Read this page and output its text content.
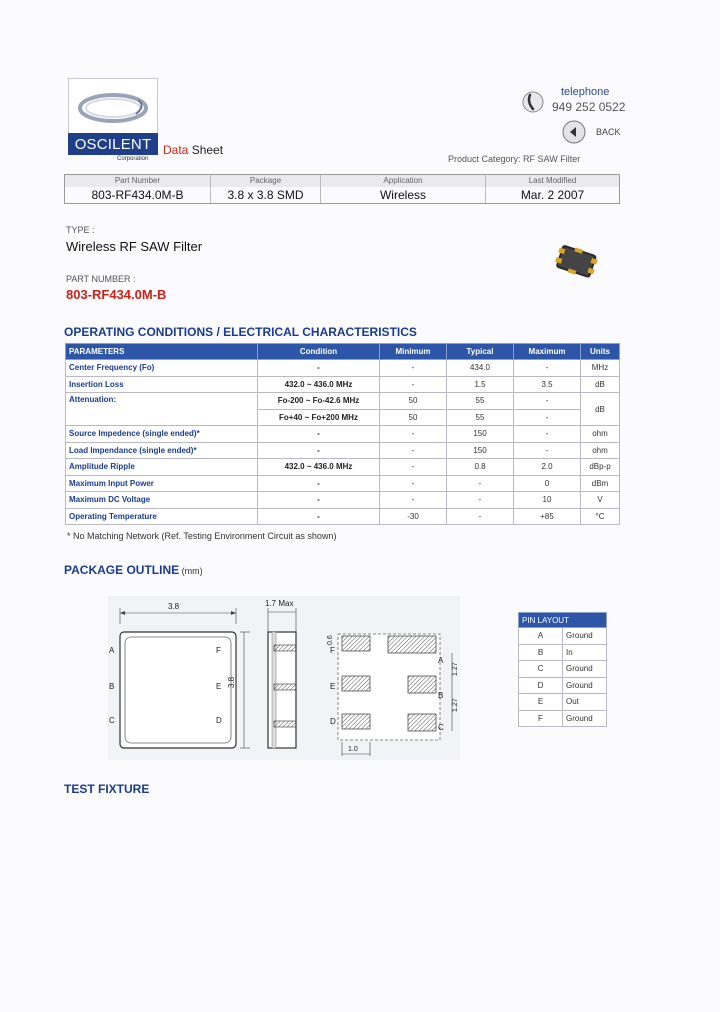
OSCILENT
Corporation
Data Sheet
telephone
949 252 0522
BACK
Product Category: RF SAW Filter
Part Number
803-RF434.0M-B
Package
3.8 x 3.8 SMD
Application
Wireless
Last Modified
Mar. 2 2007
TYPE :
Wireless RF SAW Filter
PART NUMBER :
803-RF434.0M-B
OPERATING CONDITIONS / ELECTRICAL CHARACTERISTICS
PARAMETERS	Condition	Minimum	Typical	Maximum	Units
Center Frequency (Fo)	-	-	434.0	-	MHz
Insertion Loss	432.0 ~ 436.0 MHz	-	1.5	3.5	dB
Attenuation:	Fo-200 ~ Fo-42.6 MHz	50	55	-	dB
	Fo+40 ~ Fo+200 MHz	50	55	-	
Source Impedence (single ended)*	-	-	150	-	ohm
Load Impendance (single ended)*	-	-	150	-	ohm
Amplitude Ripple	432.0 ~ 436.0 MHz	-	0.8	2.0	dBp-p
Maximum Input Power	-	-	-	0	dBm
Maximum DC Voltage	-	-	-	10	V
Operating Temperature	-	-30	-	+85	°C
* No Matching Network (Ref. Testing Environment Circuit as shown)
PACKAGE OUTLINE (mm)
3.8
A
B
C
F
E
D
3.8
1.7 Max
F
E
D
A
B
C
0.6
1.27
1.27
1.0
PIN LAYOUT	
A	Ground
B	In
C	Ground
D	Ground
E	Out
F	Ground
TEST FIXTURE
